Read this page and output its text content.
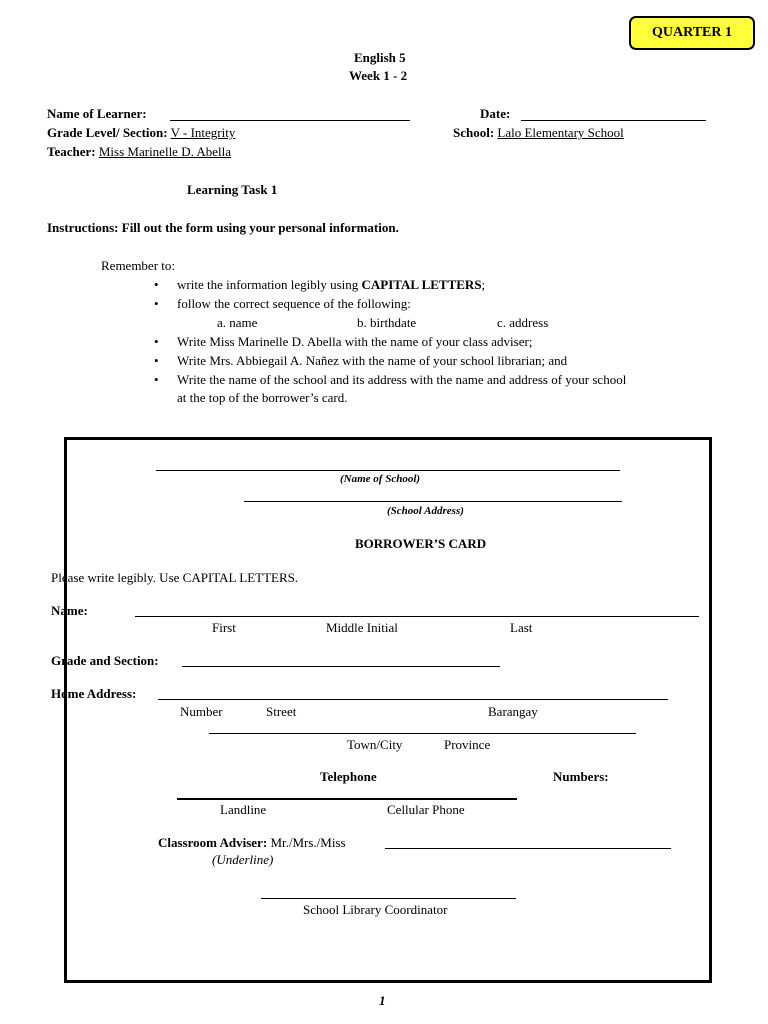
QUARTER 1
English 5
Week 1 - 2
Name of Learner:	Date:
Grade Level/ Section: V - Integrity	School: Lalo Elementary School
Teacher: Miss Marinelle D. Abella
Learning Task 1
Instructions: Fill out the form using your personal information.
Remember to:
• write the information legibly using CAPITAL LETTERS;
• follow the correct sequence of the following:
a. name	b. birthdate	c. address
• Write Miss Marinelle D. Abella with the name of your class adviser;
• Write Mrs. Abbiegail A. Nañez with the name of your school librarian; and
• Write the name of the school and its address with the name and address of your school
at the top of the borrower’s card.
(Name of School)
(School Address)
BORROWER’S CARD
Please write legibly. Use CAPITAL LETTERS.
Name:
First	Middle Initial	Last
Grade and Section:
Home Address:
Number	Street	Barangay
Town/City	Province
Telephone	Numbers:
Landline	Cellular Phone
Classroom Adviser: Mr./Mrs./Miss
(Underline)
School Library Coordinator
1
